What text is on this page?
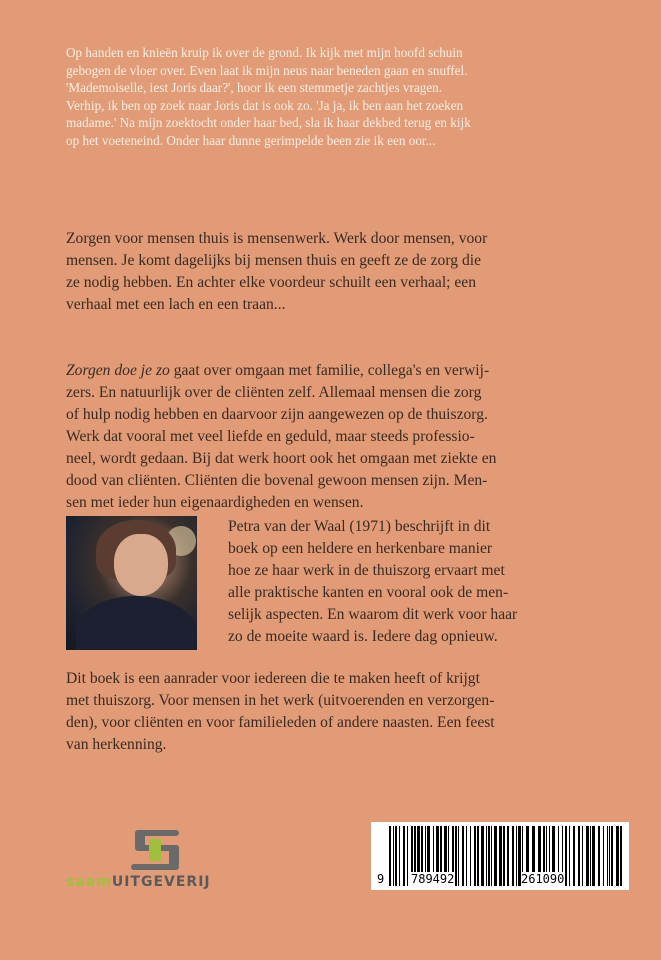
Op handen en knieën kruip ik over de grond. Ik kijk met mijn hoofd schuin
gebogen de vloer over. Even laat ik mijn neus naar beneden gaan en snuffel.
'Mademoiselle, iest Joris daar?', hoor ik een stemmetje zachtjes vragen.
Verhip, ik ben op zoek naar Joris dat is ook zo. 'Ja ja, ik ben aan het zoeken
madame.' Na mijn zoektocht onder haar bed, sla ik haar dekbed terug en kijk
op het voeteneind. Onder haar dunne gerimpelde been zie ik een oor...
Zorgen voor mensen thuis is mensenwerk. Werk door mensen, voor
mensen. Je komt dagelijks bij mensen thuis en geeft ze de zorg die
ze nodig hebben. En achter elke voordeur schuilt een verhaal; een
verhaal met een lach en een traan...
Zorgen doe je zo gaat over omgaan met familie, collega's en verwij-
zers. En natuurlijk over de cliënten zelf. Allemaal mensen die zorg
of hulp nodig hebben en daarvoor zijn aangewezen op de thuiszorg.
Werk dat vooral met veel liefde en geduld, maar steeds professio-
neel, wordt gedaan. Bij dat werk hoort ook het omgaan met ziekte en
dood van cliënten. Cliënten die bovenal gewoon mensen zijn. Men-
sen met ieder hun eigenaardigheden en wensen.
Petra van der Waal (1971) beschrijft in dit
boek op een heldere en herkenbare manier
hoe ze haar werk in de thuiszorg ervaart met
alle praktische kanten en vooral ook de men-
selijk aspecten. En waarom dit werk voor haar
zo de moeite waard is. Iedere dag opnieuw.
Dit boek is een aanrader voor iedereen die te maken heeft of krijgt
met thuiszorg. Voor mensen in het werk (uitvoerenden en verzorgen-
den), voor cliënten en voor familieleden of andere naasten. Een feest
van herkenning.
saamUITGEVERIJ	9 789492	261090
